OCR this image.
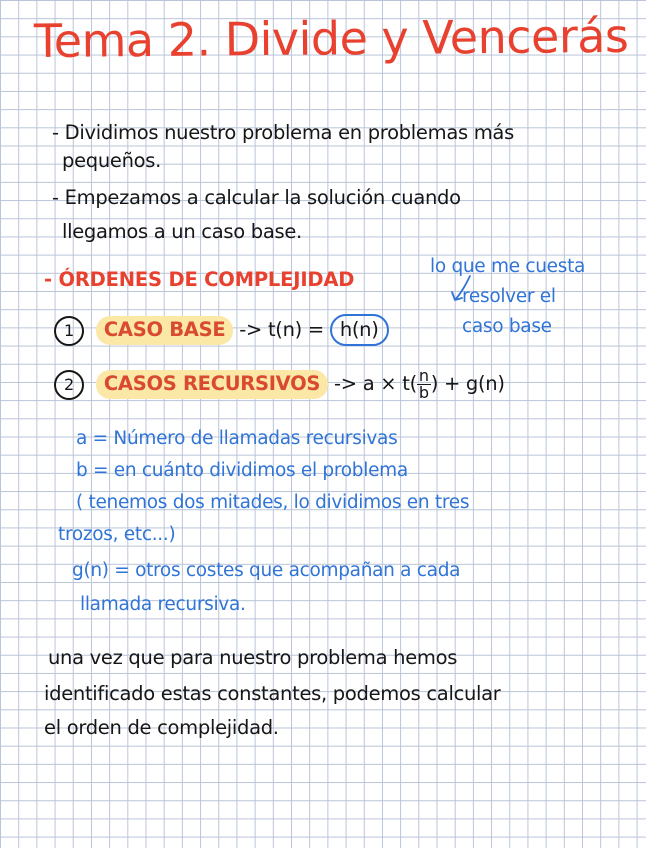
Tema 2. Divide y Vencerás
- Dividimos nuestro problema en problemas más
pequeños.
- Empezamos a calcular la solución cuando
llegamos a un caso base.
- ÓRDENES DE COMPLEJIDAD
lo que me cuesta
resolver el
caso base
1 CASO BASE -> t(n) = h(n)
2 CASOS RECURSIVOS -> $a \times t( \frac{n}{b}$ ) + g(n)
a = Número de llamadas recursivas
b = en cuánto dividimos el problema
( tenemos dos mitades, lo dividimos en tres
trozos, etc...)
g(n) = otros costes que acompañan a cada
llamada recursiva.
una vez que para nuestro problema hemos
identificado estas constantes, podemos calcular
el orden de complejidad.
